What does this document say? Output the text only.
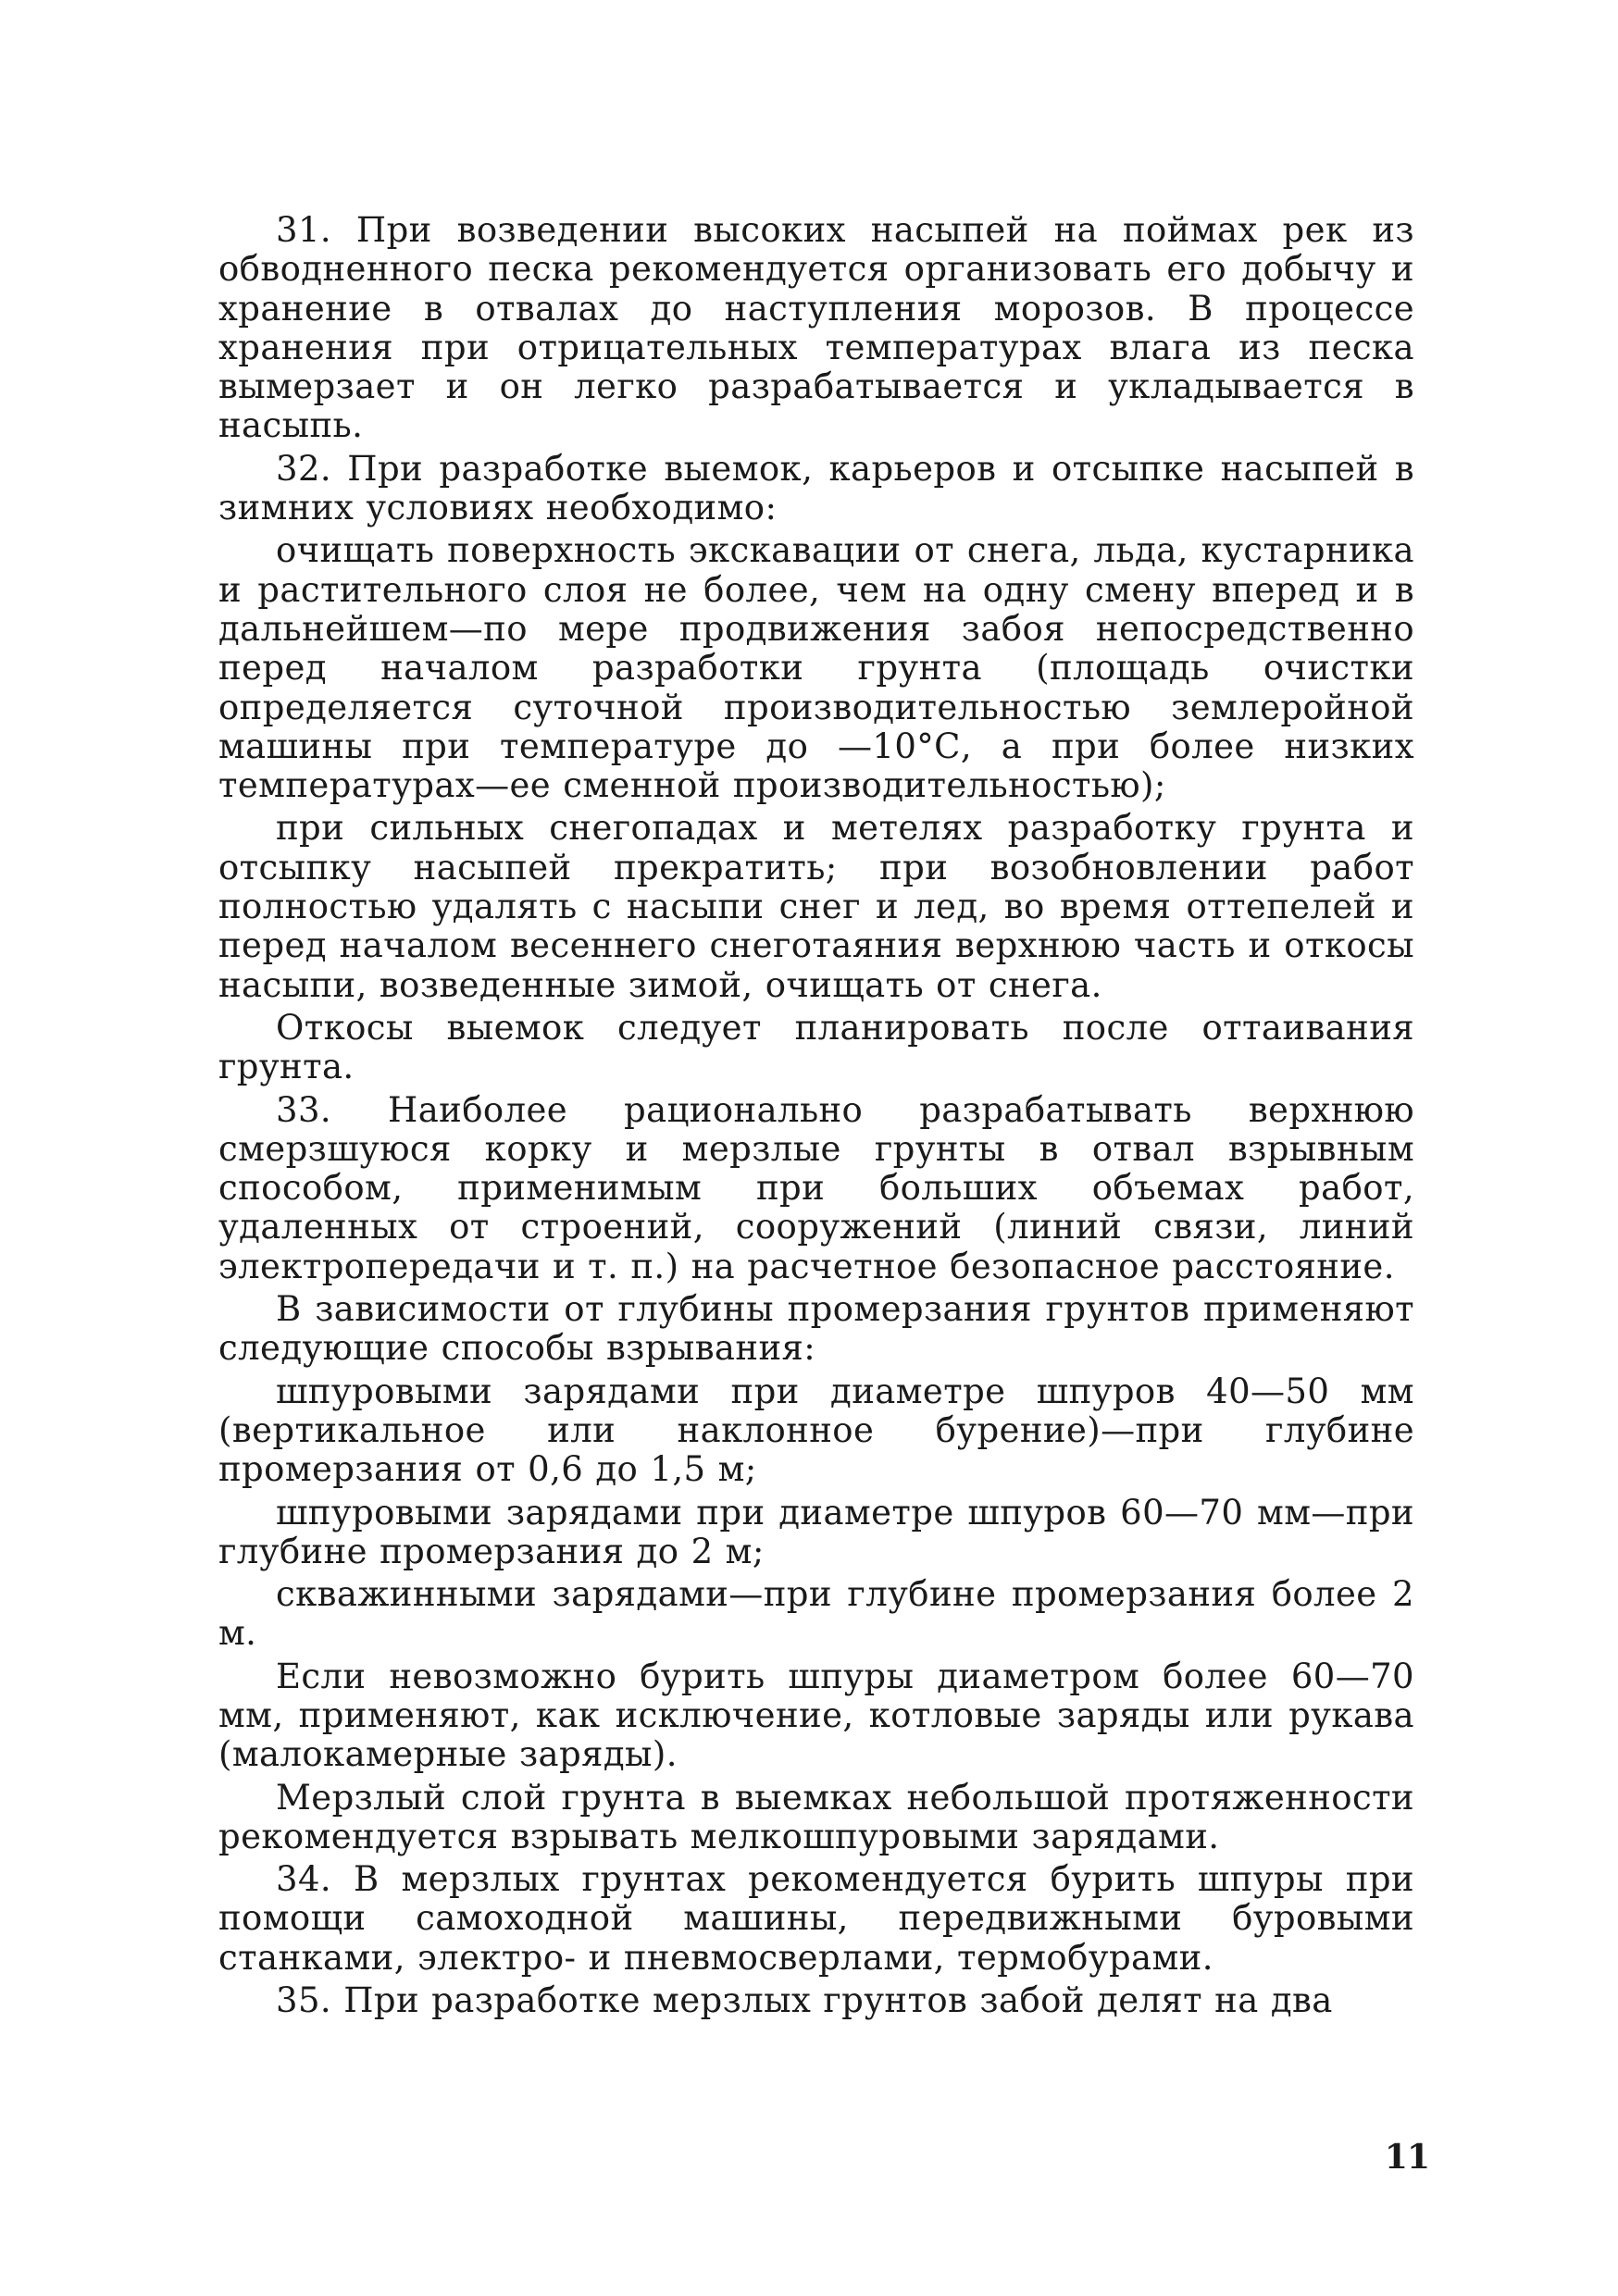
31. При возведении высоких насыпей на поймах рек из обводненного песка рекомендуется организовать его добычу и хранение в отвалах до наступления морозов. В процессе хранения при отрицательных температурах влага из песка вымерзает и он легко разрабатывается и укладывается в насыпь.

32. При разработке выемок, карьеров и отсыпке насыпей в зимних условиях необходимо:

очищать поверхность экскавации от снега, льда, кустарника и растительного слоя не более, чем на одну смену вперед и в дальнейшем—по мере продвижения забоя непосредственно перед началом разработки грунта (площадь очистки определяется суточной производительностью землеройной машины при температуре до —10°С, а при более низких температурах—ее сменной производительностью);

при сильных снегопадах и метелях разработку грунта и отсыпку насыпей прекратить; при возобновлении работ полностью удалять с насыпи снег и лед, во время оттепелей и перед началом весеннего снеготаяния верхнюю часть и откосы насыпи, возведенные зимой, очищать от снега.

Откосы выемок следует планировать после оттаивания грунта.

33. Наиболее рационально разрабатывать верхнюю смерзшуюся корку и мерзлые грунты в отвал взрывным способом, применимым при больших объемах работ, удаленных от строений, сооружений (линий связи, линий электропередачи и т. п.) на расчетное безопасное расстояние.

В зависимости от глубины промерзания грунтов применяют следующие способы взрывания:

шпуровыми зарядами при диаметре шпуров 40—50 мм (вертикальное или наклонное бурение)—при глубине промерзания от 0,6 до 1,5 м;

шпуровыми зарядами при диаметре шпуров 60—70 мм—при глубине промерзания до 2 м;

скважинными зарядами—при глубине промерзания более 2 м.

Если невозможно бурить шпуры диаметром более 60—70 мм, применяют, как исключение, котловые заряды или рукава (малокамерные заряды).

Мерзлый слой грунта в выемках небольшой протяженности рекомендуется взрывать мелкошпуровыми зарядами.

34. В мерзлых грунтах рекомендуется бурить шпуры при помощи самоходной машины, передвижными буровыми станками, электро- и пневмосверлами, термобурами.

35. При разработке мерзлых грунтов забой делят на два

11
